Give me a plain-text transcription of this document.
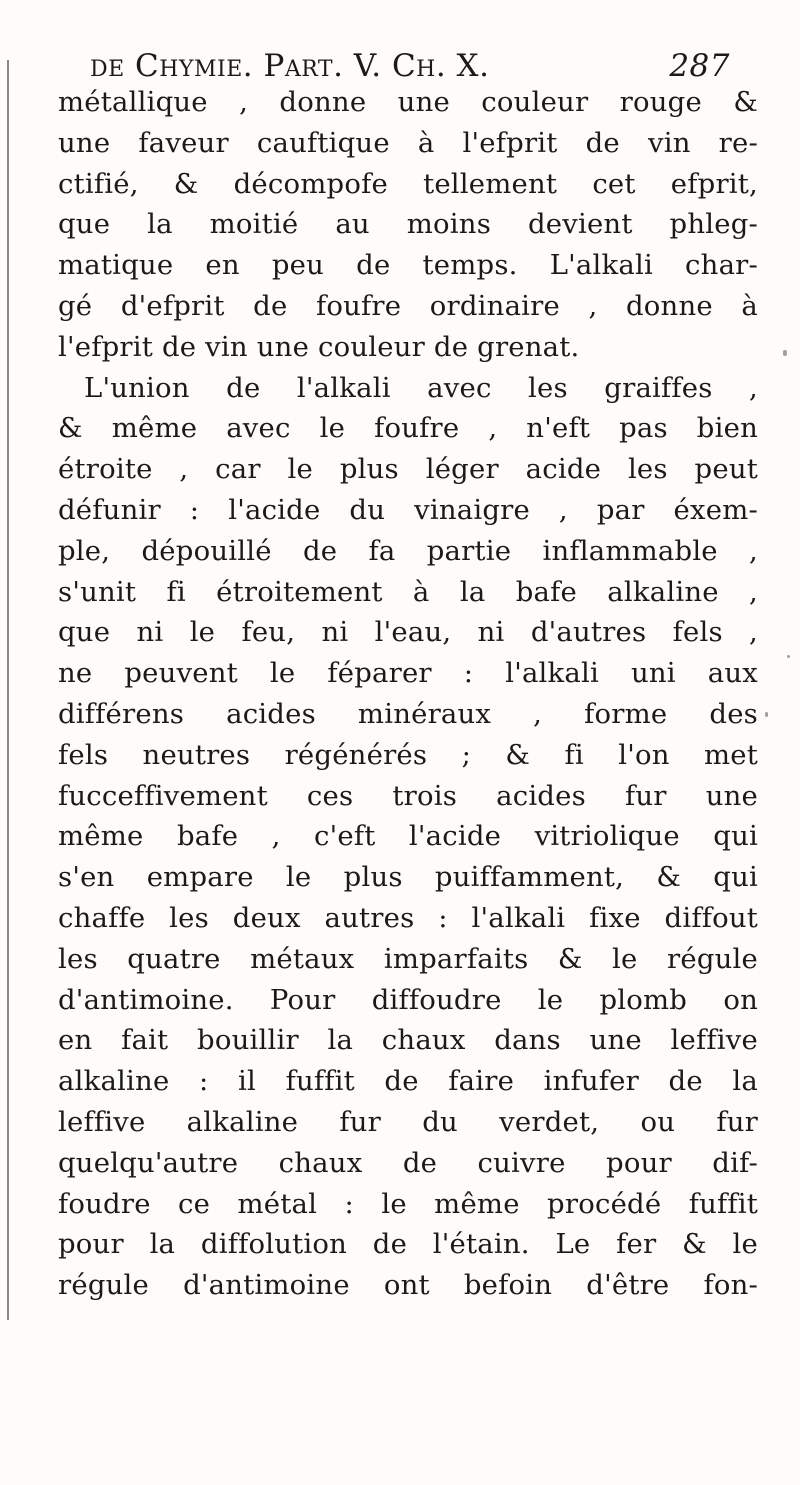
de Chymie. Part. V. Ch. X.	287
métallique , donne une couleur rouge &
une faveur cauftique à l'efprit de vin re-
ctifié, & décompofe tellement cet efprit,
que la moitié au moins devient phleg-
matique en peu de temps. L'alkali char-
gé d'efprit de foufre ordinaire , donne à
l'efprit de vin une couleur de grenat.
L'union de l'alkali avec les graiffes ,
& même avec le foufre , n'eft pas bien
étroite , car le plus léger acide les peut
défunir : l'acide du vinaigre , par éxem-
ple, dépouillé de fa partie inflammable ,
s'unit fi étroitement à la bafe alkaline ,
que ni le feu, ni l'eau, ni d'autres fels ,
ne peuvent le féparer : l'alkali uni aux
différens acides minéraux , forme des
fels neutres régénérés ; & fi l'on met
fucceffivement ces trois acides fur une
même bafe , c'eft l'acide vitriolique qui
s'en empare le plus puiffamment, & qui
chaffe les deux autres : l'alkali fixe diffout
les quatre métaux imparfaits & le régule
d'antimoine. Pour diffoudre le plomb on
en fait bouillir la chaux dans une leffive
alkaline : il fuffit de faire infufer de la
leffive alkaline fur du verdet, ou fur
quelqu'autre chaux de cuivre pour dif-
foudre ce métal : le même procédé fuffit
pour la diffolution de l'étain. Le fer & le
régule d'antimoine ont befoin d'être fon-
